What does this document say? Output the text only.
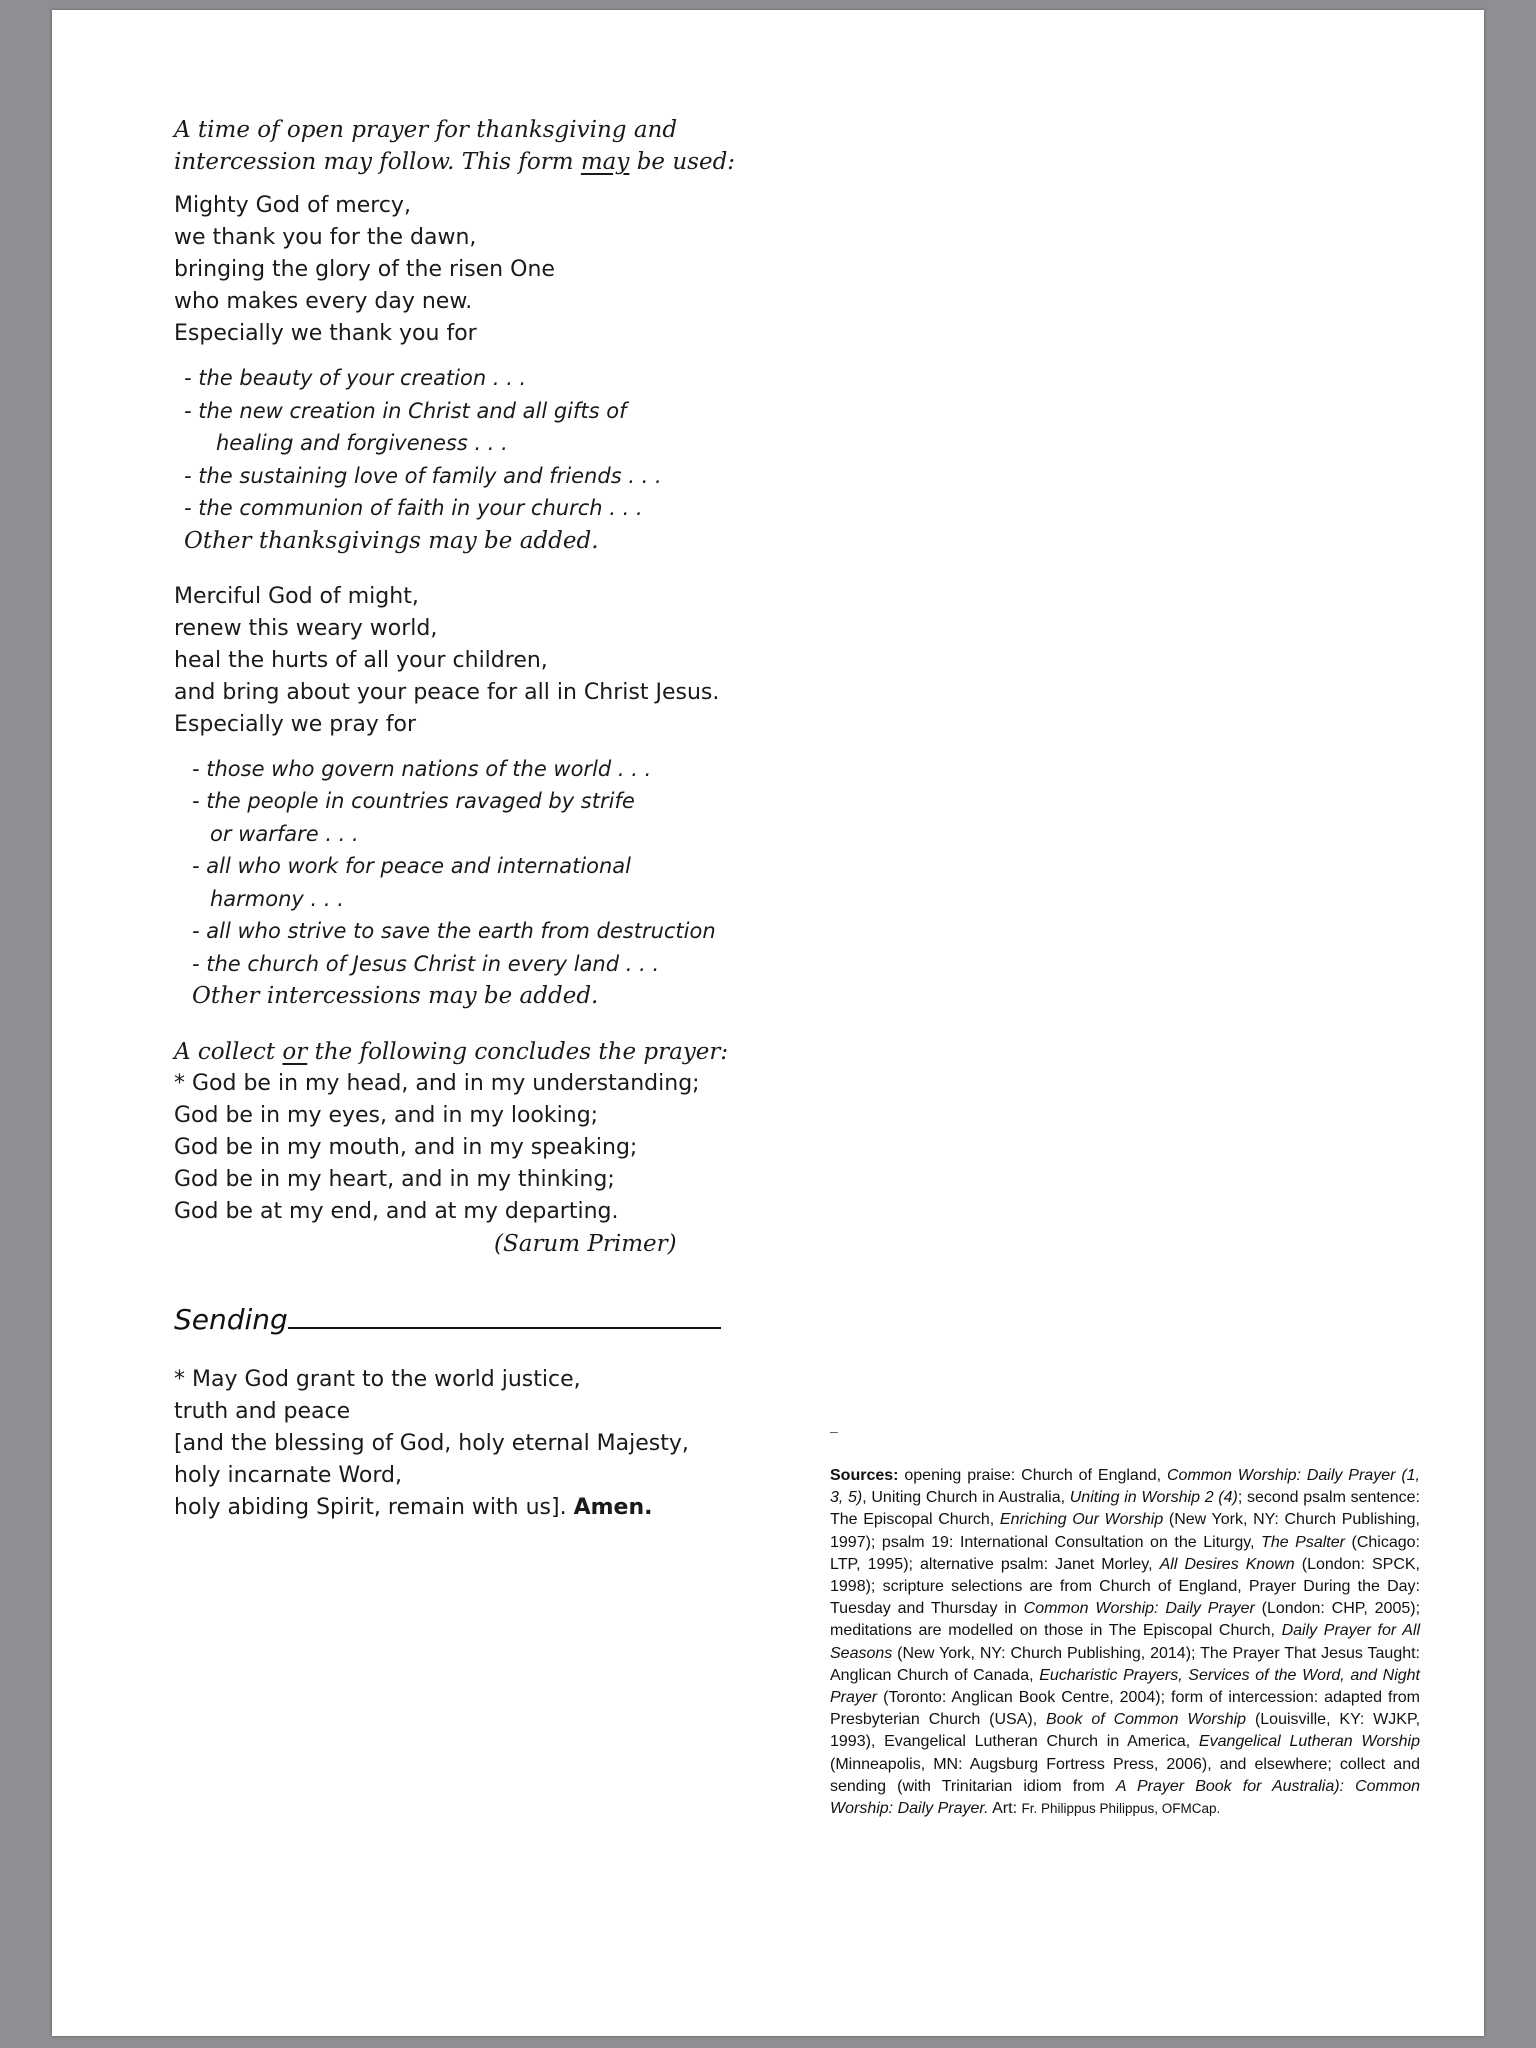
A time of open prayer for thanksgiving and
intercession may follow. This form may be used:
Mighty God of mercy,
we thank you for the dawn,
bringing the glory of the risen One
who makes every day new.
Especially we thank you for
- the beauty of your creation . . .
- the new creation in Christ and all gifts of
healing and forgiveness . . .
- the sustaining love of family and friends . . .
- the communion of faith in your church . . .
Other thanksgivings may be added.
Merciful God of might,
renew this weary world,
heal the hurts of all your children,
and bring about your peace for all in Christ Jesus.
Especially we pray for
- those who govern nations of the world . . .
- the people in countries ravaged by strife
or warfare . . .
- all who work for peace and international
harmony . . .
- all who strive to save the earth from destruction
- the church of Jesus Christ in every land . . .
Other intercessions may be added.
A collect or the following concludes the prayer:
* God be in my head, and in my understanding;
God be in my eyes, and in my looking;
God be in my mouth, and in my speaking;
God be in my heart, and in my thinking;
God be at my end, and at my departing.
(Sarum Primer)
Sending
* May God grant to the world justice,
truth and peace
[and the blessing of God, holy eternal Majesty,
holy incarnate Word,
holy abiding Spirit, remain with us]. Amen.
–
Sources: opening praise: Church of England, Common Worship: Daily Prayer (1, 3, 5), Uniting Church in Australia, Uniting in Worship 2 (4); second psalm sentence: The Episcopal Church, Enriching Our Worship (New York, NY: Church Publishing, 1997); psalm 19: International Consultation on the Liturgy, The Psalter (Chicago: LTP, 1995); alternative psalm: Janet Morley, All Desires Known (London: SPCK, 1998); scripture selections are from Church of England, Prayer During the Day: Tuesday and Thursday in Common Worship: Daily Prayer (London: CHP, 2005); meditations are modelled on those in The Episcopal Church, Daily Prayer for All Seasons (New York, NY: Church Publishing, 2014); The Prayer That Jesus Taught: Anglican Church of Canada, Eucharistic Prayers, Services of the Word, and Night Prayer (Toronto: Anglican Book Centre, 2004); form of intercession: adapted from Presbyterian Church (USA), Book of Common Worship (Louisville, KY: WJKP, 1993), Evangelical Lutheran Church in America, Evangelical Lutheran Worship (Minneapolis, MN: Augsburg Fortress Press, 2006), and elsewhere; collect and sending (with Trinitarian idiom from A Prayer Book for Australia): Common Worship: Daily Prayer. Art: Fr. Philippus Philippus, OFMCap.
